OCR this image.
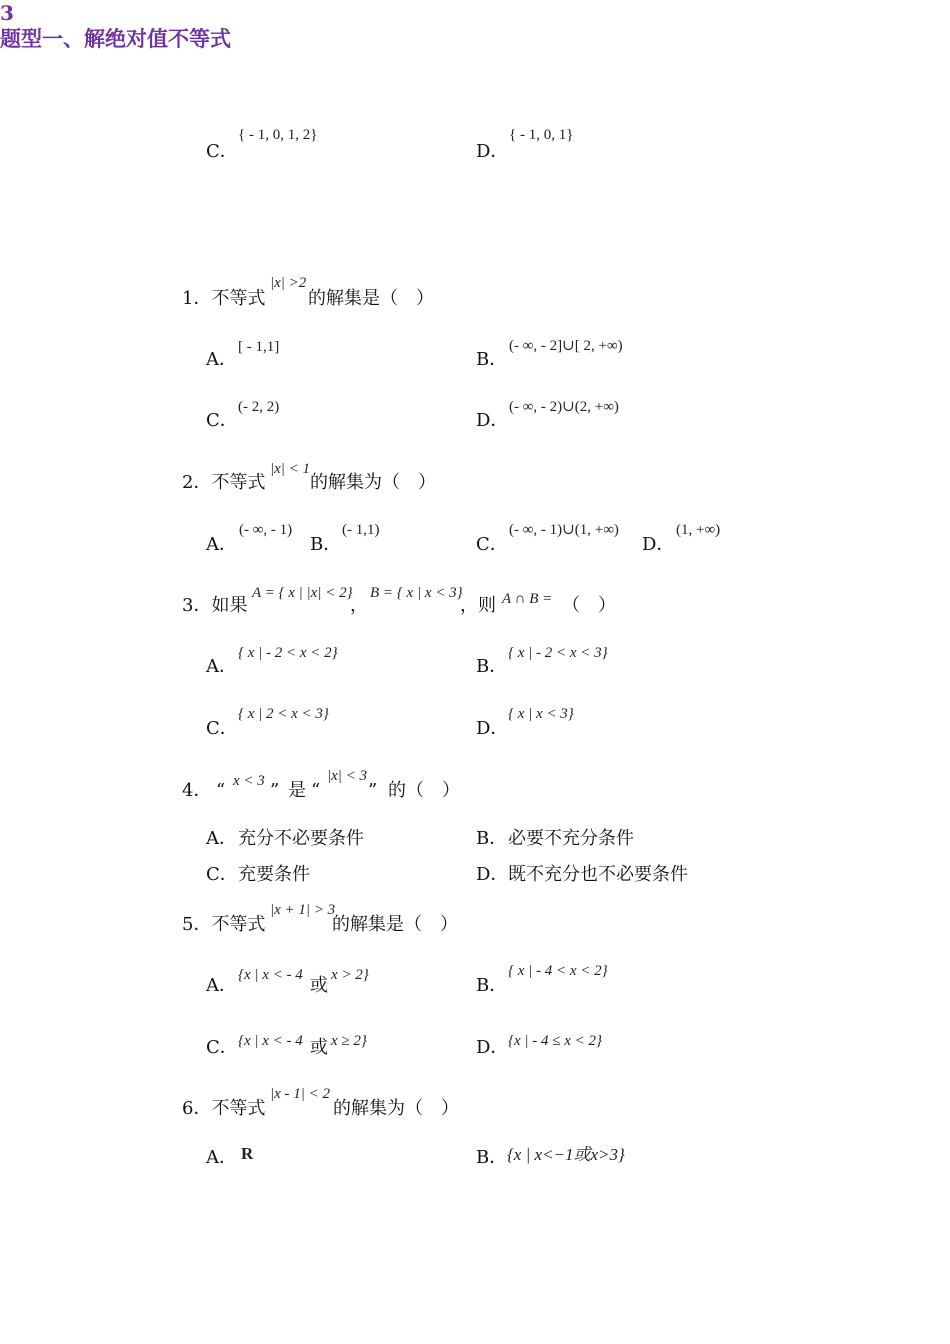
C．
{ - 1, 0, 1, 2}
D．
{ - 1, 0, 1}
3
题型一、解绝对值不等式
1．不等式
|x| >2
的解集是（　）
A．
[ - 1,1]
B．
(- ∞, - 2]∪[ 2, +∞)
C．
(- 2, 2)
D．
(- ∞, - 2)∪(2, +∞)
2．不等式
|x| < 1
的解集为（　）
A．
(- ∞, - 1)
B．
(- 1,1)
C．
(- ∞, - 1)∪(1, +∞)
D．
(1, +∞)
3．如果
A = { x | |x| < 2}
，
B = { x | x < 3}
，则 A ∩ B = （　）
A．
{ x | - 2 < x < 2}
B．
{ x | - 2 < x < 3}
C．
{ x | 2 < x < 3}
D．
{ x | x < 3}
4． “ x < 3 ” 是 “
|x| < 3
” 的（　）
A． 充分不必要条件	B． 必要不充分条件
C． 充要条件	D． 既不充分也不必要条件
5．不等式
|x + 1| > 3
的解集是（　）
A． {x | x < - 4 或 x > 2}	B．
{ x | - 4 < x < 2}
C． {x | x < - 4 或 x ≥ 2}	D． {x | - 4 ≤ x < 2}
6．不等式
|x - 1| < 2
的解集为（　）
A． R	B． {x | x<−1或x>3}
